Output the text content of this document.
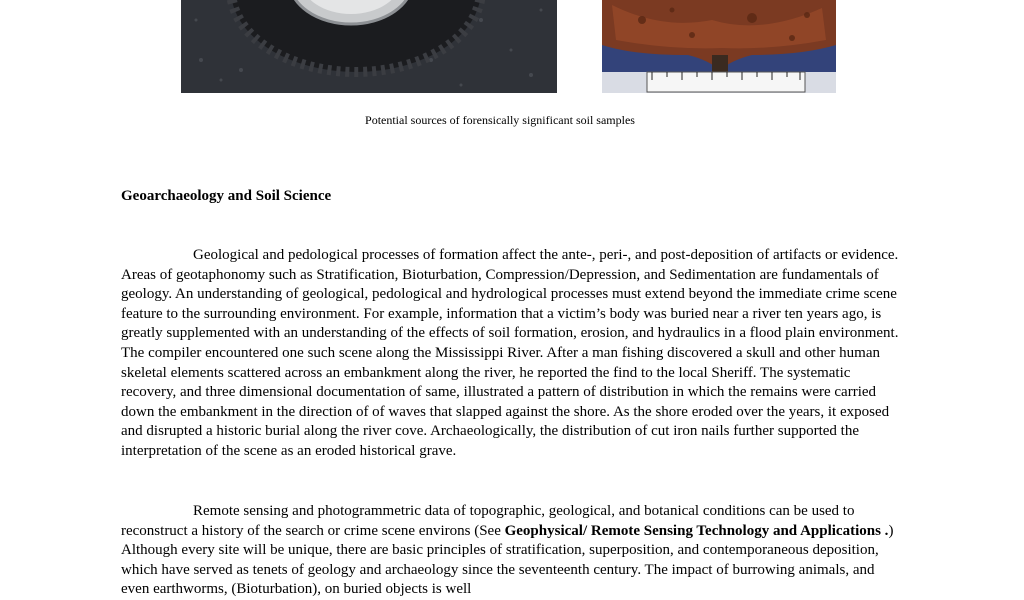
Potential sources of forensically significant soil samples
Geoarchaeology and Soil Science

Geological and pedological processes of formation affect the ante-, peri-, and post-deposition of artifacts or evidence. Areas of geotaphonomy such as Stratification, Bioturbation, Compression/Depression, and Sedimentation are fundamentals of geology. An understanding of geological, pedological and hydrological processes must extend beyond the immediate crime scene feature to the surrounding environment. For example, information that a victim’s body was buried near a river ten years ago, is greatly supplemented with an understanding of the effects of soil formation, erosion, and hydraulics in a flood plain environment. The compiler encountered one such scene along the Mississippi River. After a man fishing discovered a skull and other human skeletal elements scattered across an embankment along the river, he reported the find to the local Sheriff. The systematic recovery, and three dimensional documentation of same, illustrated a pattern of distribution in which the remains were carried down the embankment in the direction of of waves that slapped against the shore. As the shore eroded over the years, it exposed and disrupted a historic burial along the river cove. Archaeologically, the distribution of cut iron nails further supported the interpretation of the scene as an eroded historical grave.

Remote sensing and photogrammetric data of topographic, geological, and botanical conditions can be used to reconstruct a history of the search or crime scene environs (See Geophysical/ Remote Sensing Technology and Applications .) Although every site will be unique, there are basic principles of stratification, superposition, and contemporaneous deposition, which have served as tenets of geology and archaeology since the seventeenth century. The impact of burrowing animals, and even earthworms, (Bioturbation), on buried objects is well
